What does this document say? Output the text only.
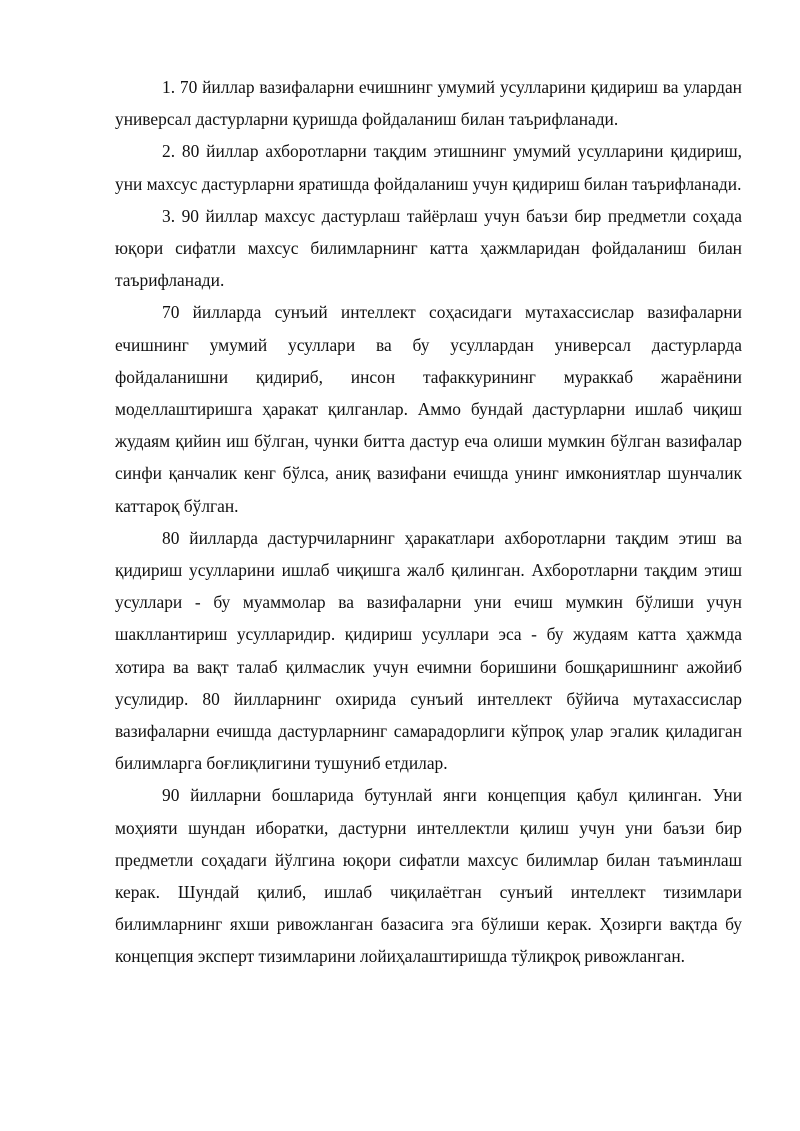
1. 70 йиллар вазифаларни ечишнинг умумий усулларини қидириш ва улардан универсал дастурларни қуришда фойдаланиш билан таърифланади.

2. 80 йиллар ахборотларни тақдим этишнинг умумий усулларини қидириш, уни махсус дастурларни яратишда фойдаланиш учун қидириш билан таърифланади.

3. 90 йиллар махсус дастурлаш тайёрлаш учун баъзи бир предметли соҳада юқори сифатли махсус билимларнинг катта ҳажмларидан фойдаланиш билан таърифланади.

70 йилларда сунъий интеллект соҳасидаги мутахассислар вазифаларни ечишнинг умумий усуллари ва бу усуллардан универсал дастурларда фойдаланишни қидириб, инсон тафаккурининг мураккаб жараёнини моделлаштиришга ҳаракат қилганлар. Аммо бундай дастурларни ишлаб чиқиш жудаям қийин иш бўлган, чунки битта дастур еча олиши мумкин бўлган вазифалар синфи қанчалик кенг бўлса, аниқ вазифани ечишда унинг имкониятлар шунчалик каттароқ бўлган.

80 йилларда дастурчиларнинг ҳаракатлари ахборотларни тақдим этиш ва қидириш усулларини ишлаб чиқишга жалб қилинган. Ахборотларни тақдим этиш усуллари - бу муаммолар ва вазифаларни уни ечиш мумкин бўлиши учун шакллантириш усулларидир. қидириш усуллари эса - бу жудаям катта ҳажмда хотира ва вақт талаб қилмаслик учун ечимни боришини бошқаришнинг ажойиб усулидир. 80 йилларнинг охирида сунъий интеллект бўйича мутахассислар вазифаларни ечишда дастурларнинг самарадорлиги кўпроқ улар эгалик қиладиган билимларга боғлиқлигини тушуниб етдилар.

90 йилларни бошларида бутунлай янги концепция қабул қилинган. Уни моҳияти шундан иборатки, дастурни интеллектли қилиш учун уни баъзи бир предметли соҳадаги йўлгина юқори сифатли махсус билимлар билан таъминлаш керак. Шундай қилиб, ишлаб чиқилаётган сунъий интеллект тизимлари билимларнинг яхши ривожланган базасига эга бўлиши керак. Ҳозирги вақтда бу концепция эксперт тизимларини лойиҳалаштиришда тўлиқроқ ривожланган.
